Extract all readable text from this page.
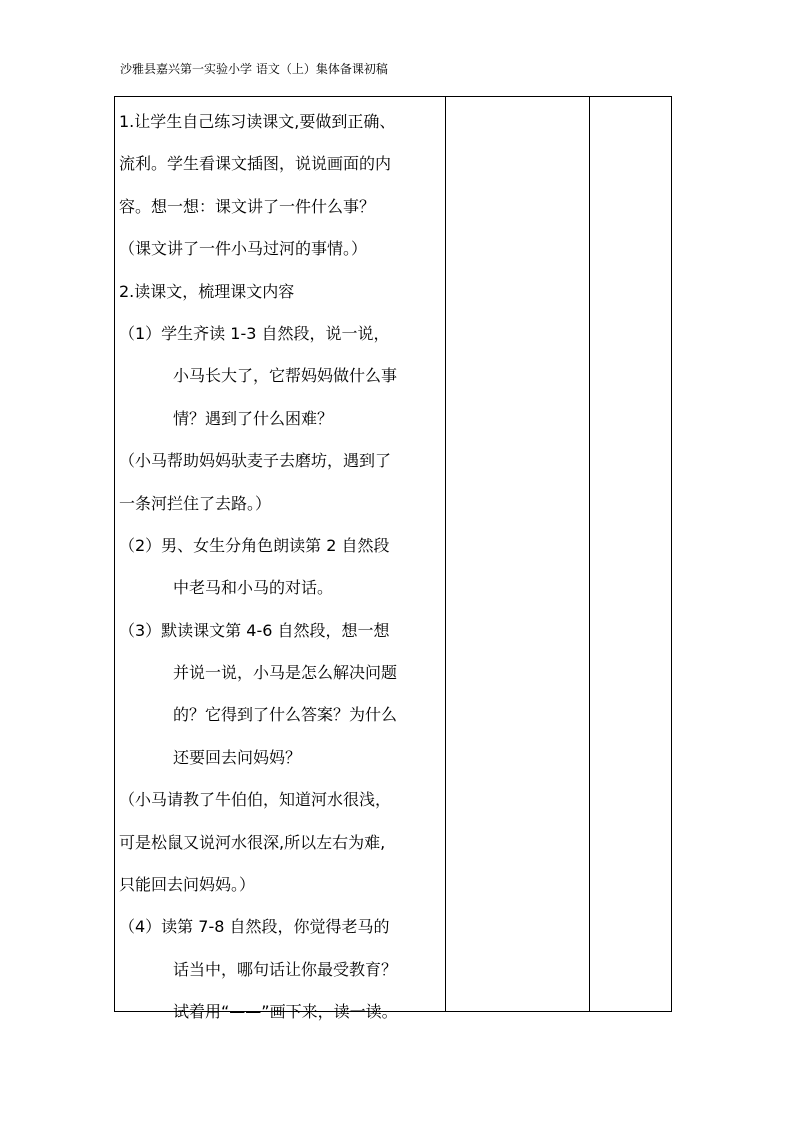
沙雅县嘉兴第一实验小学 语文（上）集体备课初稿
1.让学生自己练习读课文,要做到正确、
流利。学生看课文插图，说说画面的内
容。想一想：课文讲了一件什么事？
（课文讲了一件小马过河的事情。）
2.读课文，梳理课文内容
（1）学生齐读 1-3 自然段，说一说，
小马长大了，它帮妈妈做什么事
情？遇到了什么困难？
（小马帮助妈妈驮麦子去磨坊，遇到了
一条河拦住了去路。）
（2）男、女生分角色朗读第 2 自然段
中老马和小马的对话。
（3）默读课文第 4-6 自然段，想一想
并说一说，小马是怎么解决问题
的？它得到了什么答案？为什么
还要回去问妈妈？
（小马请教了牛伯伯，知道河水很浅，
可是松鼠又说河水很深,所以左右为难,
只能回去问妈妈。）
（4）读第 7-8 自然段，你觉得老马的
话当中，哪句话让你最受教育？
试着用“——”画下来，读一读。
